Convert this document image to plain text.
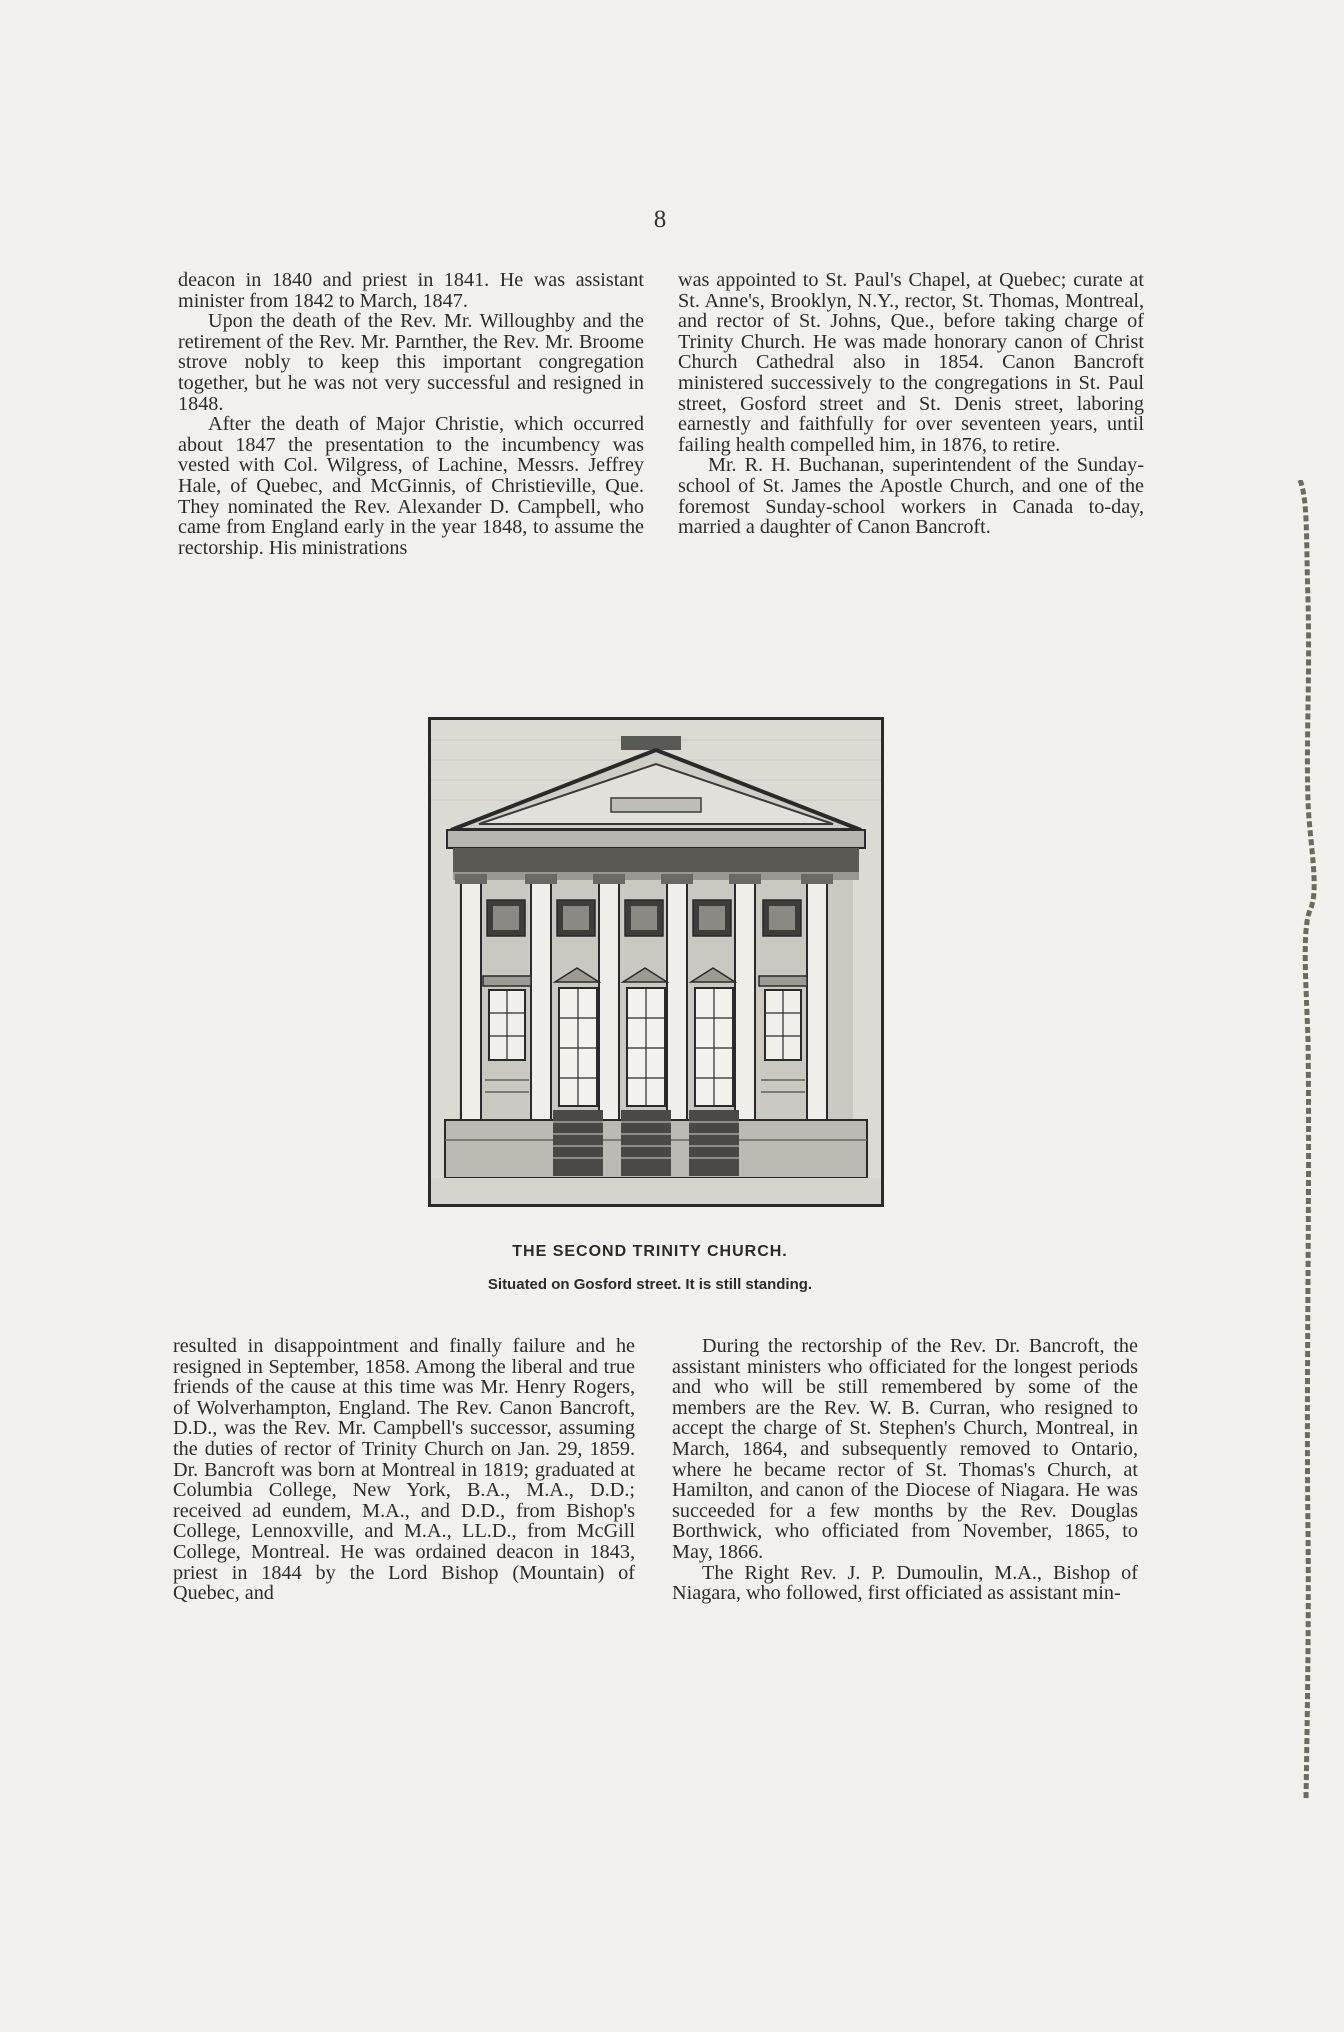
8

deacon in 1840 and priest in 1841. He was assistant minister from 1842 to March, 1847.

Upon the death of the Rev. Mr. Willoughby and the retirement of the Rev. Mr. Parnther, the Rev. Mr. Broome strove nobly to keep this important congregation together, but he was not very successful and resigned in 1848.

After the death of Major Christie, which occurred about 1847 the presentation to the incumbency was vested with Col. Wilgress, of Lachine, Messrs. Jeffrey Hale, of Quebec, and McGinnis, of Christieville, Que. They nominated the Rev. Alexander D. Campbell, who came from England early in the year 1848, to assume the rectorship. His ministrations

was appointed to St. Paul's Chapel, at Quebec; curate at St. Anne's, Brooklyn, N.Y., rector, St. Thomas, Montreal, and rector of St. Johns, Que., before taking charge of Trinity Church. He was made honorary canon of Christ Church Cathedral also in 1854. Canon Bancroft ministered successively to the congregations in St. Paul street, Gosford street and St. Denis street, laboring earnestly and faithfully for over seventeen years, until failing health compelled him, in 1876, to retire.

Mr. R. H. Buchanan, superintendent of the Sunday-school of St. James the Apostle Church, and one of the foremost Sunday-school workers in Canada to-day, married a daughter of Canon Bancroft.

THE SECOND TRINITY CHURCH.
Situated on Gosford street. It is still standing.

resulted in disappointment and finally failure and he resigned in September, 1858. Among the liberal and true friends of the cause at this time was Mr. Henry Rogers, of Wolverhampton, England. The Rev. Canon Bancroft, D.D., was the Rev. Mr. Campbell's successor, assuming the duties of rector of Trinity Church on Jan. 29, 1859. Dr. Bancroft was born at Montreal in 1819; graduated at Columbia College, New York, B.A., M.A., D.D.; received ad eundem, M.A., and D.D., from Bishop's College, Lennoxville, and M.A., LL.D., from McGill College, Montreal. He was ordained deacon in 1843, priest in 1844 by the Lord Bishop (Mountain) of Quebec, and

During the rectorship of the Rev. Dr. Bancroft, the assistant ministers who officiated for the longest periods and who will be still remembered by some of the members are the Rev. W. B. Curran, who resigned to accept the charge of St. Stephen's Church, Montreal, in March, 1864, and subsequently removed to Ontario, where he became rector of St. Thomas's Church, at Hamilton, and canon of the Diocese of Niagara. He was succeeded for a few months by the Rev. Douglas Borthwick, who officiated from November, 1865, to May, 1866.

The Right Rev. J. P. Dumoulin, M.A., Bishop of Niagara, who followed, first officiated as assistant min-
